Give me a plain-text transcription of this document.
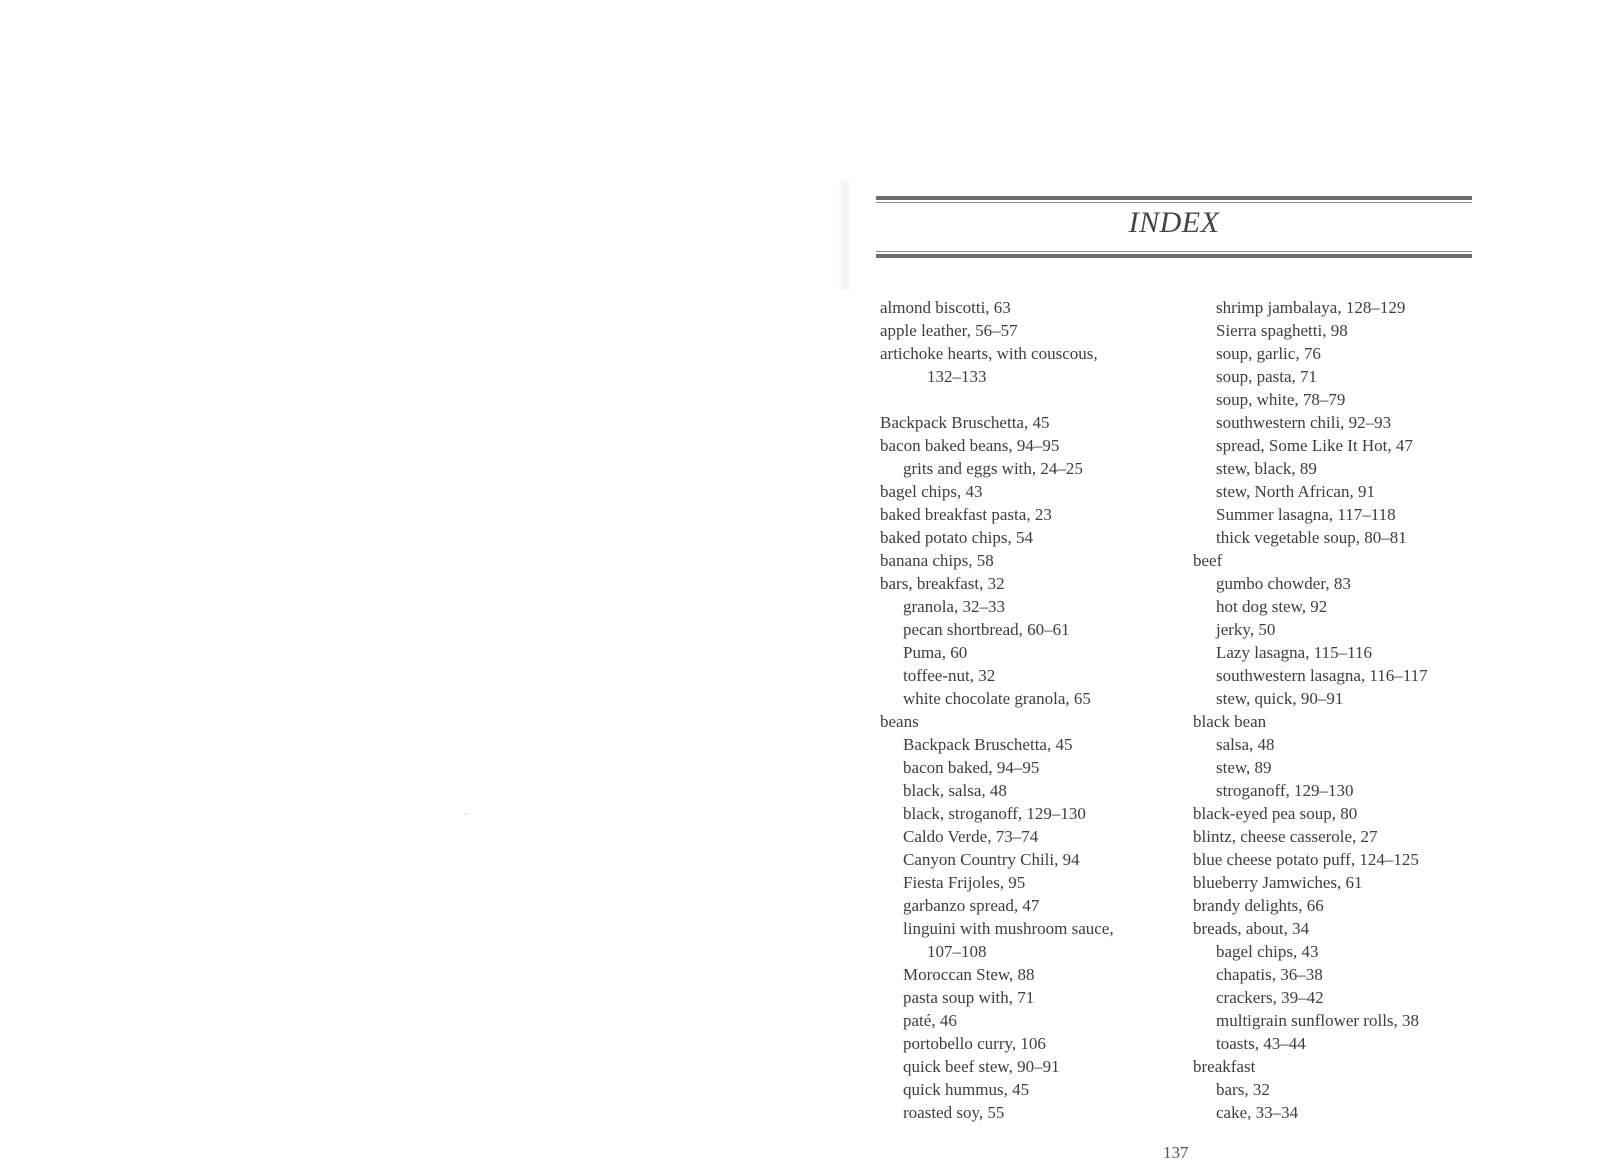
INDEX
almond biscotti, 63
apple leather, 56–57
artichoke hearts, with couscous,
132–133
Backpack Bruschetta, 45
bacon baked beans, 94–95
grits and eggs with, 24–25
bagel chips, 43
baked breakfast pasta, 23
baked potato chips, 54
banana chips, 58
bars, breakfast, 32
granola, 32–33
pecan shortbread, 60–61
Puma, 60
toffee-nut, 32
white chocolate granola, 65
beans
Backpack Bruschetta, 45
bacon baked, 94–95
black, salsa, 48
black, stroganoff, 129–130
Caldo Verde, 73–74
Canyon Country Chili, 94
Fiesta Frijoles, 95
garbanzo spread, 47
linguini with mushroom sauce,
107–108
Moroccan Stew, 88
pasta soup with, 71
paté, 46
portobello curry, 106
quick beef stew, 90–91
quick hummus, 45
roasted soy, 55
shrimp jambalaya, 128–129
Sierra spaghetti, 98
soup, garlic, 76
soup, pasta, 71
soup, white, 78–79
southwestern chili, 92–93
spread, Some Like It Hot, 47
stew, black, 89
stew, North African, 91
Summer lasagna, 117–118
thick vegetable soup, 80–81
beef
gumbo chowder, 83
hot dog stew, 92
jerky, 50
Lazy lasagna, 115–116
southwestern lasagna, 116–117
stew, quick, 90–91
black bean
salsa, 48
stew, 89
stroganoff, 129–130
black-eyed pea soup, 80
blintz, cheese casserole, 27
blue cheese potato puff, 124–125
blueberry Jamwiches, 61
brandy delights, 66
breads, about, 34
bagel chips, 43
chapatis, 36–38
crackers, 39–42
multigrain sunflower rolls, 38
toasts, 43–44
breakfast
bars, 32
cake, 33–34
137
